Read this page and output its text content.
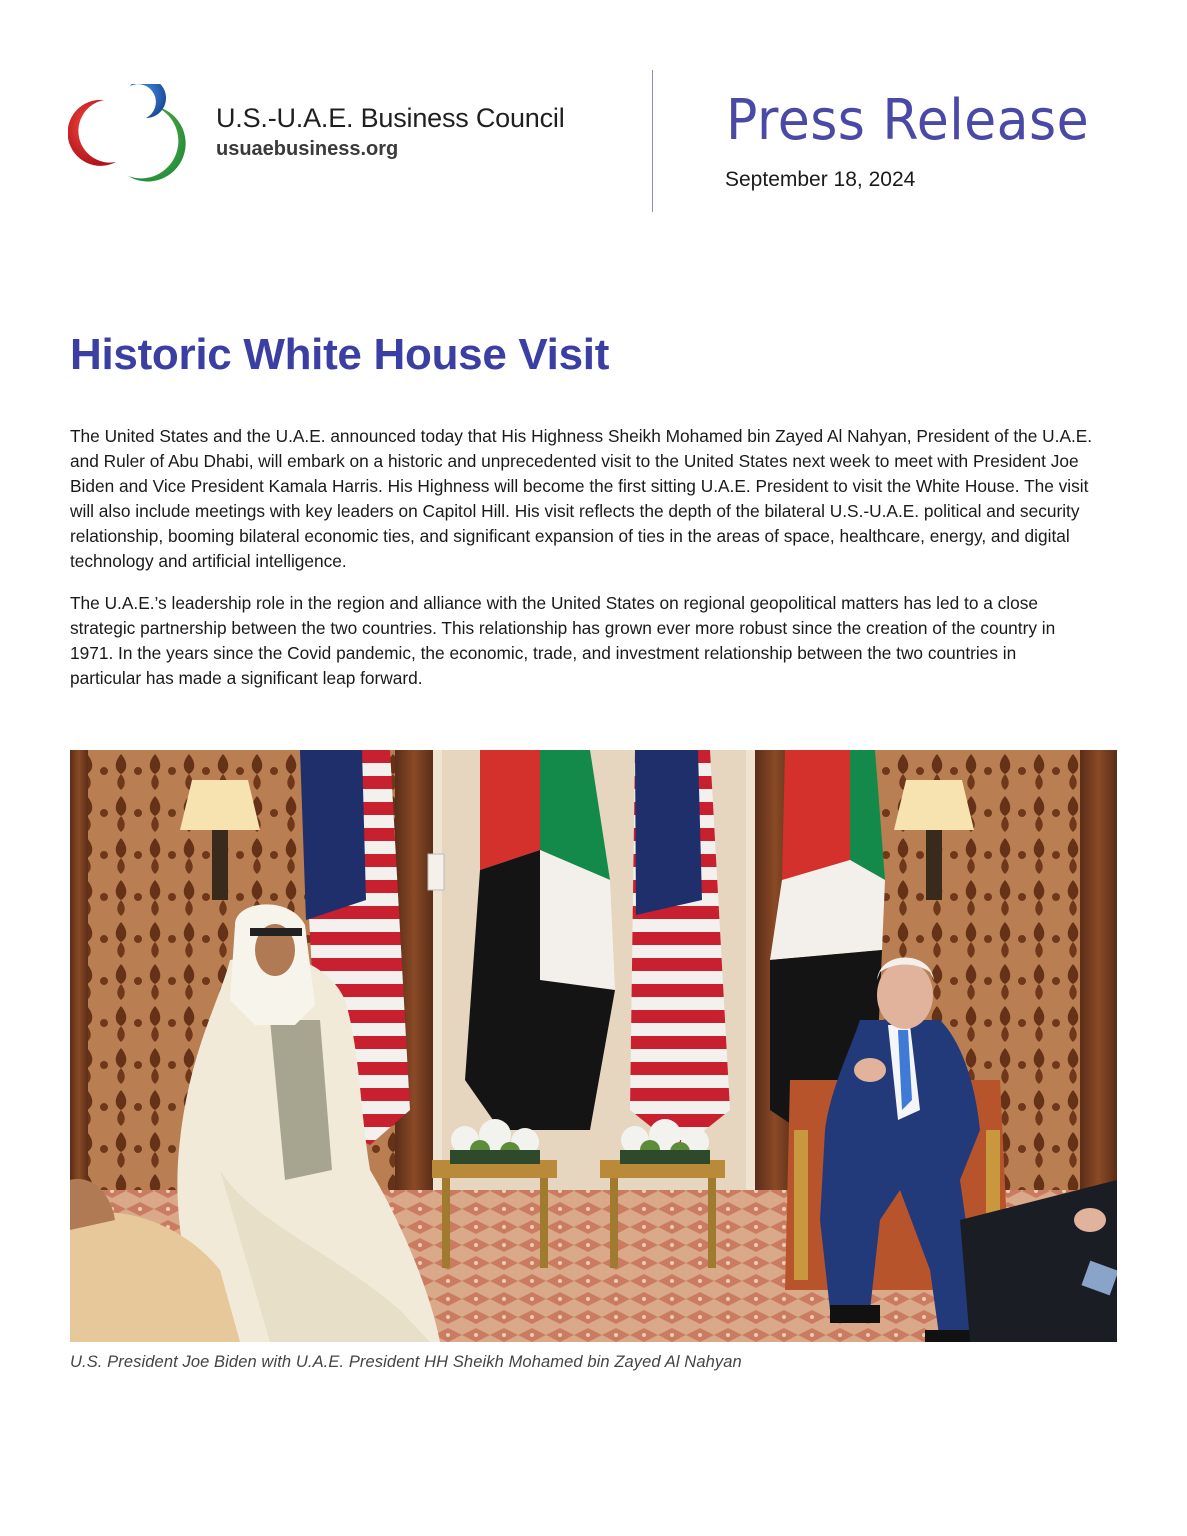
U.S.-U.A.E. Business Council
usuaebusiness.org	Press Release
September 18, 2024
Historic White House Visit

The United States and the U.A.E. announced today that His Highness Sheikh Mohamed bin Zayed Al Nahyan, President of the U.A.E. and Ruler of Abu Dhabi, will embark on a historic and unprecedented visit to the United States next week to meet with President Joe Biden and Vice President Kamala Harris. His Highness will become the first sitting U.A.E. President to visit the White House. The visit will also include meetings with key leaders on Capitol Hill. His visit reflects the depth of the bilateral U.S.-U.A.E. political and security relationship, booming bilateral economic ties, and significant expansion of ties in the areas of space, healthcare, energy, and digital technology and artificial intelligence.

The U.A.E.’s leadership role in the region and alliance with the United States on regional geopolitical matters has led to a close strategic partnership between the two countries. This relationship has grown ever more robust since the creation of the country in 1971. In the years since the Covid pandemic, the economic, trade, and investment relationship between the two countries in particular has made a significant leap forward.

U.S. President Joe Biden with U.A.E. President HH Sheikh Mohamed bin Zayed Al Nahyan
